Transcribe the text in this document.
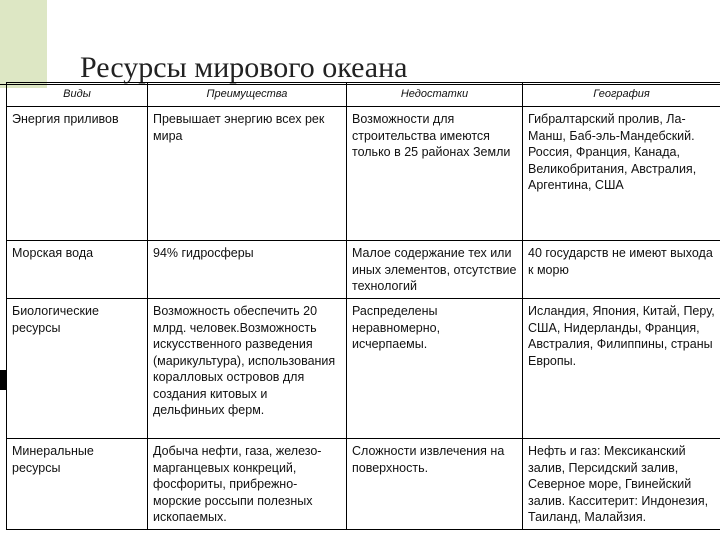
Ресурсы мирового океана
Виды	Преимущества	Недостатки	География
Энергия приливов	Превышает энергию всех рек мира	Возможности для строительства имеются только в 25 районах Земли	Гибралтарский пролив, Ла-Манш, Баб-эль-Мандебский. Россия, Франция, Канада, Великобритания, Австралия, Аргентина, США
Морская вода	94% гидросферы	Малое содержание тех или иных элементов, отсутствие технологий	40 государств не имеют выхода к морю
Биологические ресурсы	Возможность обеспечить 20 млрд. человек.Возможность искусственного разведения (марикультура), использования коралловых островов для создания китовых и дельфиньих ферм.	Распределены неравномерно, исчерпаемы.	Исландия, Япония, Китай, Перу, США, Нидерланды, Франция, Австралия, Филиппины, страны Европы.
Минеральные ресурсы	Добыча нефти, газа, железо-марганцевых конкреций, фосфориты, прибрежно-морские россыпи полезных ископаемых.	Сложности извлечения на поверхность.	Нефть и газ: Мексиканский залив, Персидский залив, Северное море, Гвинейский залив. Касситерит: Индонезия, Таиланд, Малайзия.
